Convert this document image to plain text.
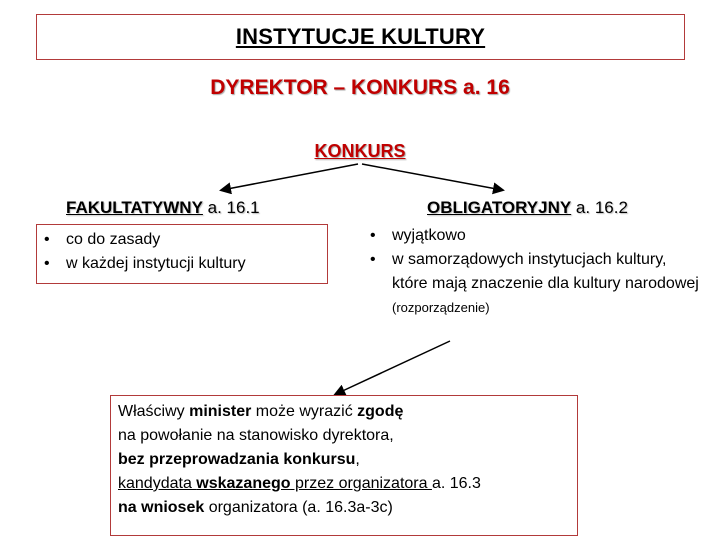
INSTYTUCJE KULTURY
DYREKTOR – KONKURS a. 16
KONKURS
FAKULTATYWNY a. 16.1	OBLIGATORYJNY a. 16.2
• co do zasady
• w każdej instytucji kultury
• wyjątkowo
• w samorządowych instytucjach kultury, które mają znaczenie dla kultury narodowej (rozporządzenie)
Właściwy minister może wyrazić zgodę
na powołanie na stanowisko dyrektora,
bez przeprowadzania konkursu,
kandydata wskazanego przez organizatora a. 16.3
na wniosek organizatora (a. 16.3a-3c)
